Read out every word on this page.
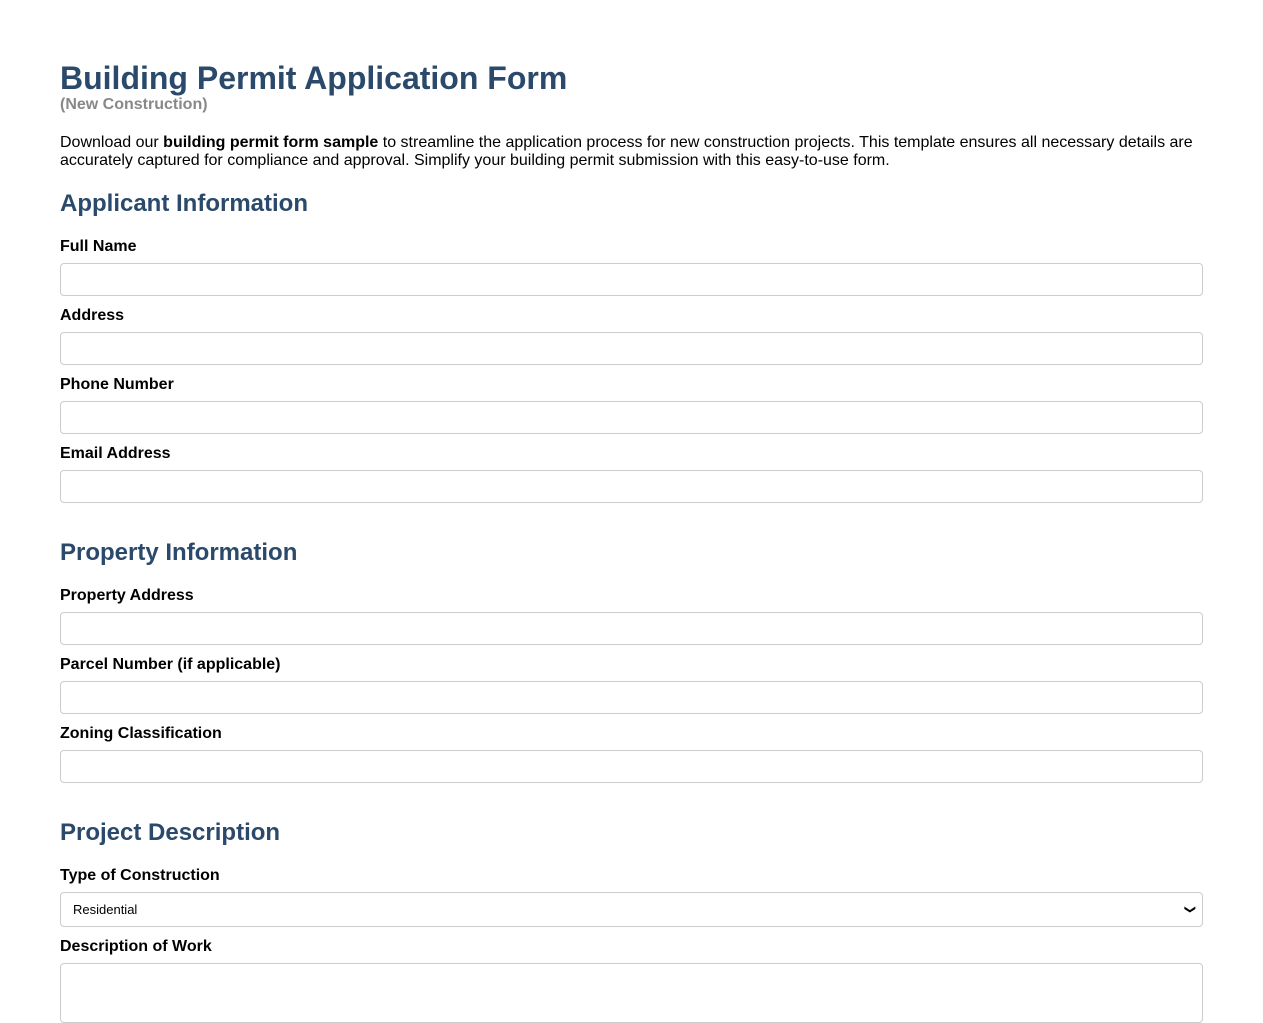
Building Permit Application Form
(New Construction)

Download our building permit form sample to streamline the application process for new construction projects. This template ensures all necessary details are accurately captured for compliance and approval. Simplify your building permit submission with this easy-to-use form.

Applicant Information
Full Name
Address
Phone Number
Email Address
Property Information
Property Address
Parcel Number (if applicable)
Zoning Classification
Project Description
Type of Construction
Residential	❯
Description of Work
